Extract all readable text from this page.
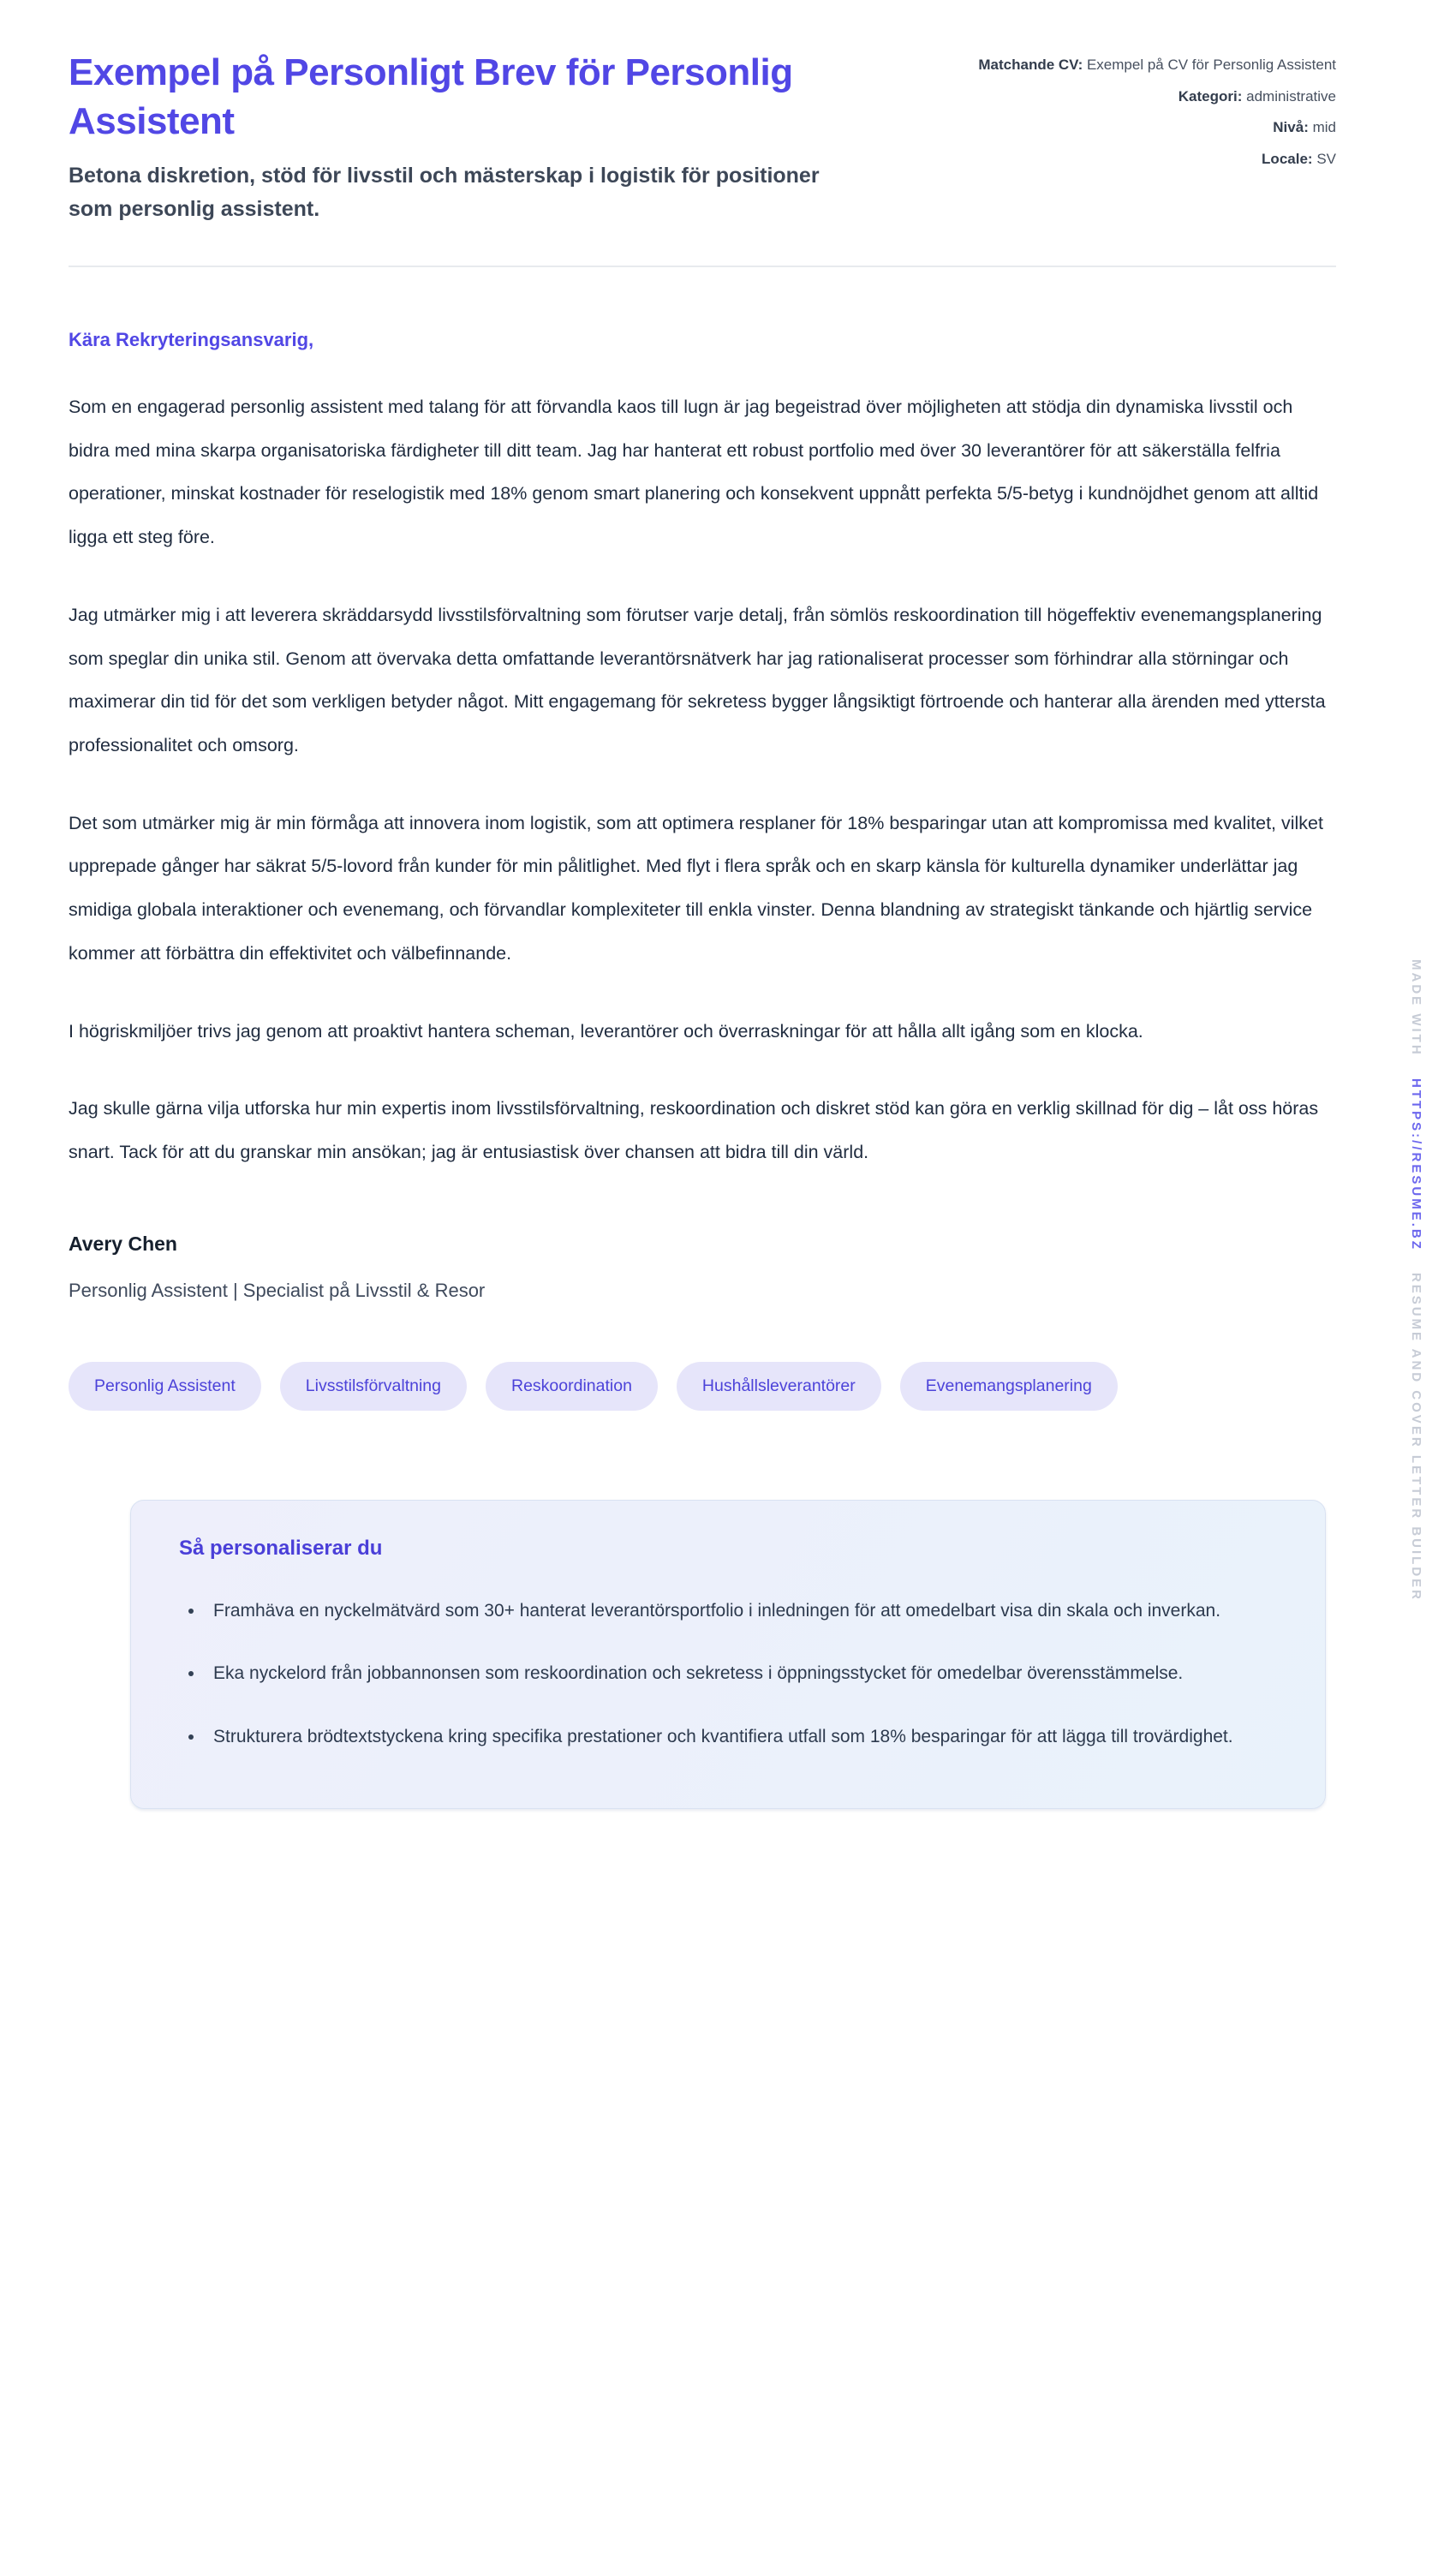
Exempel på Personligt Brev för Personlig Assistent
Betona diskretion, stöd för livsstil och mästerskap i logistik för positioner som personlig assistent.
Matchande CV: Exempel på CV för Personlig Assistent
Kategori: administrative
Nivå: mid
Locale: SV
Kära Rekryteringsansvarig,

Som en engagerad personlig assistent med talang för att förvandla kaos till lugn är jag begeistrad över möjligheten att stödja din dynamiska livsstil och bidra med mina skarpa organisatoriska färdigheter till ditt team. Jag har hanterat ett robust portfolio med över 30 leverantörer för att säkerställa felfria operationer, minskat kostnader för reselogistik med 18% genom smart planering och konsekvent uppnått perfekta 5/5-betyg i kundnöjdhet genom att alltid ligga ett steg före.

Jag utmärker mig i att leverera skräddarsydd livsstilsförvaltning som förutser varje detalj, från sömlös reskoordination till högeffektiv evenemangsplanering som speglar din unika stil. Genom att övervaka detta omfattande leverantörsnätverk har jag rationaliserat processer som förhindrar alla störningar och maximerar din tid för det som verkligen betyder något. Mitt engagemang för sekretess bygger långsiktigt förtroende och hanterar alla ärenden med yttersta professionalitet och omsorg.

Det som utmärker mig är min förmåga att innovera inom logistik, som att optimera resplaner för 18% besparingar utan att kompromissa med kvalitet, vilket upprepade gånger har säkrat 5/5-lovord från kunder för min pålitlighet. Med flyt i flera språk och en skarp känsla för kulturella dynamiker underlättar jag smidiga globala interaktioner och evenemang, och förvandlar komplexiteter till enkla vinster. Denna blandning av strategiskt tänkande och hjärtlig service kommer att förbättra din effektivitet och välbefinnande.

I högriskmiljöer trivs jag genom att proaktivt hantera scheman, leverantörer och överraskningar för att hålla allt igång som en klocka.

Jag skulle gärna vilja utforska hur min expertis inom livsstilsförvaltning, reskoordination och diskret stöd kan göra en verklig skillnad för dig – låt oss höras snart. Tack för att du granskar min ansökan; jag är entusiastisk över chansen att bidra till din värld.

Avery Chen
Personlig Assistent | Specialist på Livsstil & Resor
Personlig Assistent	Livsstilsförvaltning	Reskoordination	Hushållsleverantörer	Evenemangsplanering
Så personaliserar du
• Framhäva en nyckelmätvärd som 30+ hanterat leverantörsportfolio i inledningen för att omedelbart visa din skala och inverkan.
• Eka nyckelord från jobbannonsen som reskoordination och sekretess i öppningsstycket för omedelbar överensstämmelse.
• Strukturera brödtextstyckena kring specifika prestationer och kvantifiera utfall som 18% besparingar för att lägga till trovärdighet.
MADE WITH HTTPS://RESUME.BZ RESUME AND COVER LETTER BUILDER
